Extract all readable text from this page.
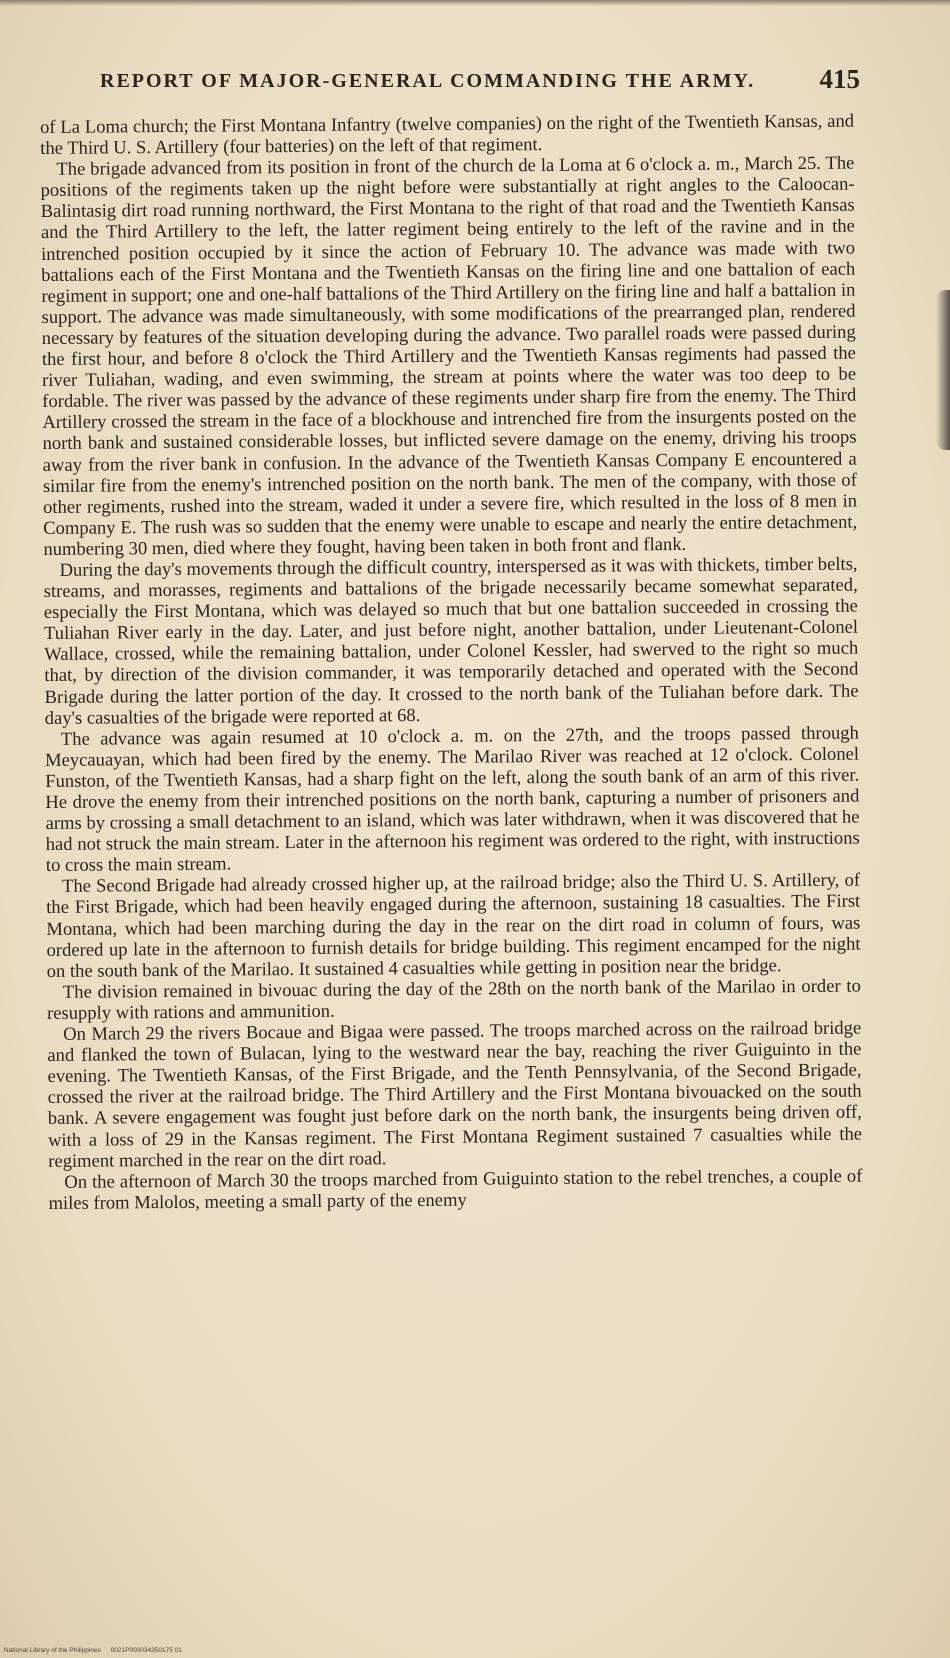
REPORT OF MAJOR-GENERAL COMMANDING THE ARMY. 415

of La Loma church; the First Montana Infantry (twelve companies) on the right of the Twentieth Kansas, and the Third U. S. Artillery (four batteries) on the left of that regiment.

The brigade advanced from its position in front of the church de la Loma at 6 o'clock a. m., March 25. The positions of the regiments taken up the night before were substantially at right angles to the Caloocan-Balintasig dirt road running northward, the First Montana to the right of that road and the Twentieth Kansas and the Third Artillery to the left, the latter regiment being entirely to the left of the ravine and in the intrenched position occupied by it since the action of February 10. The advance was made with two battalions each of the First Montana and the Twentieth Kansas on the firing line and one battalion of each regiment in support; one and one-half battalions of the Third Artillery on the firing line and half a battalion in support. The advance was made simultaneously, with some modifications of the prearranged plan, rendered necessary by features of the situation developing during the advance. Two parallel roads were passed during the first hour, and before 8 o'clock the Third Artillery and the Twentieth Kansas regiments had passed the river Tuliahan, wading, and even swimming, the stream at points where the water was too deep to be fordable. The river was passed by the advance of these regiments under sharp fire from the enemy. The Third Artillery crossed the stream in the face of a blockhouse and intrenched fire from the insurgents posted on the north bank and sustained considerable losses, but inflicted severe damage on the enemy, driving his troops away from the river bank in confusion. In the advance of the Twentieth Kansas Company E encountered a similar fire from the enemy's intrenched position on the north bank. The men of the company, with those of other regiments, rushed into the stream, waded it under a severe fire, which resulted in the loss of 8 men in Company E. The rush was so sudden that the enemy were unable to escape and nearly the entire detachment, numbering 30 men, died where they fought, having been taken in both front and flank.

During the day's movements through the difficult country, interspersed as it was with thickets, timber belts, streams, and morasses, regiments and battalions of the brigade necessarily became somewhat separated, especially the First Montana, which was delayed so much that but one battalion succeeded in crossing the Tuliahan River early in the day. Later, and just before night, another battalion, under Lieutenant-Colonel Wallace, crossed, while the remaining battalion, under Colonel Kessler, had swerved to the right so much that, by direction of the division commander, it was temporarily detached and operated with the Second Brigade during the latter portion of the day. It crossed to the north bank of the Tuliahan before dark. The day's casualties of the brigade were reported at 68.

The advance was again resumed at 10 o'clock a. m. on the 27th, and the troops passed through Meycauayan, which had been fired by the enemy. The Marilao River was reached at 12 o'clock. Colonel Funston, of the Twentieth Kansas, had a sharp fight on the left, along the south bank of an arm of this river. He drove the enemy from their intrenched positions on the north bank, capturing a number of prisoners and arms by crossing a small detachment to an island, which was later withdrawn, when it was discovered that he had not struck the main stream. Later in the afternoon his regiment was ordered to the right, with instructions to cross the main stream.

The Second Brigade had already crossed higher up, at the railroad bridge; also the Third U. S. Artillery, of the First Brigade, which had been heavily engaged during the afternoon, sustaining 18 casualties. The First Montana, which had been marching during the day in the rear on the dirt road in column of fours, was ordered up late in the afternoon to furnish details for bridge building. This regiment encamped for the night on the south bank of the Marilao. It sustained 4 casualties while getting in position near the bridge.

The division remained in bivouac during the day of the 28th on the north bank of the Marilao in order to resupply with rations and ammunition.

On March 29 the rivers Bocaue and Bigaa were passed. The troops marched across on the railroad bridge and flanked the town of Bulacan, lying to the westward near the bay, reaching the river Guiguinto in the evening. The Twentieth Kansas, of the First Brigade, and the Tenth Pennsylvania, of the Second Brigade, crossed the river at the railroad bridge. The Third Artillery and the First Montana bivouacked on the south bank. A severe engagement was fought just before dark on the north bank, the insurgents being driven off, with a loss of 29 in the Kansas regiment. The First Montana Regiment sustained 7 casualties while the regiment marched in the rear on the dirt road.

On the afternoon of March 30 the troops marched from Guiguinto station to the rebel trenches, a couple of miles from Malolos, meeting a small party of the enemy

National Library of the Philippines 0021P000034350175 01
